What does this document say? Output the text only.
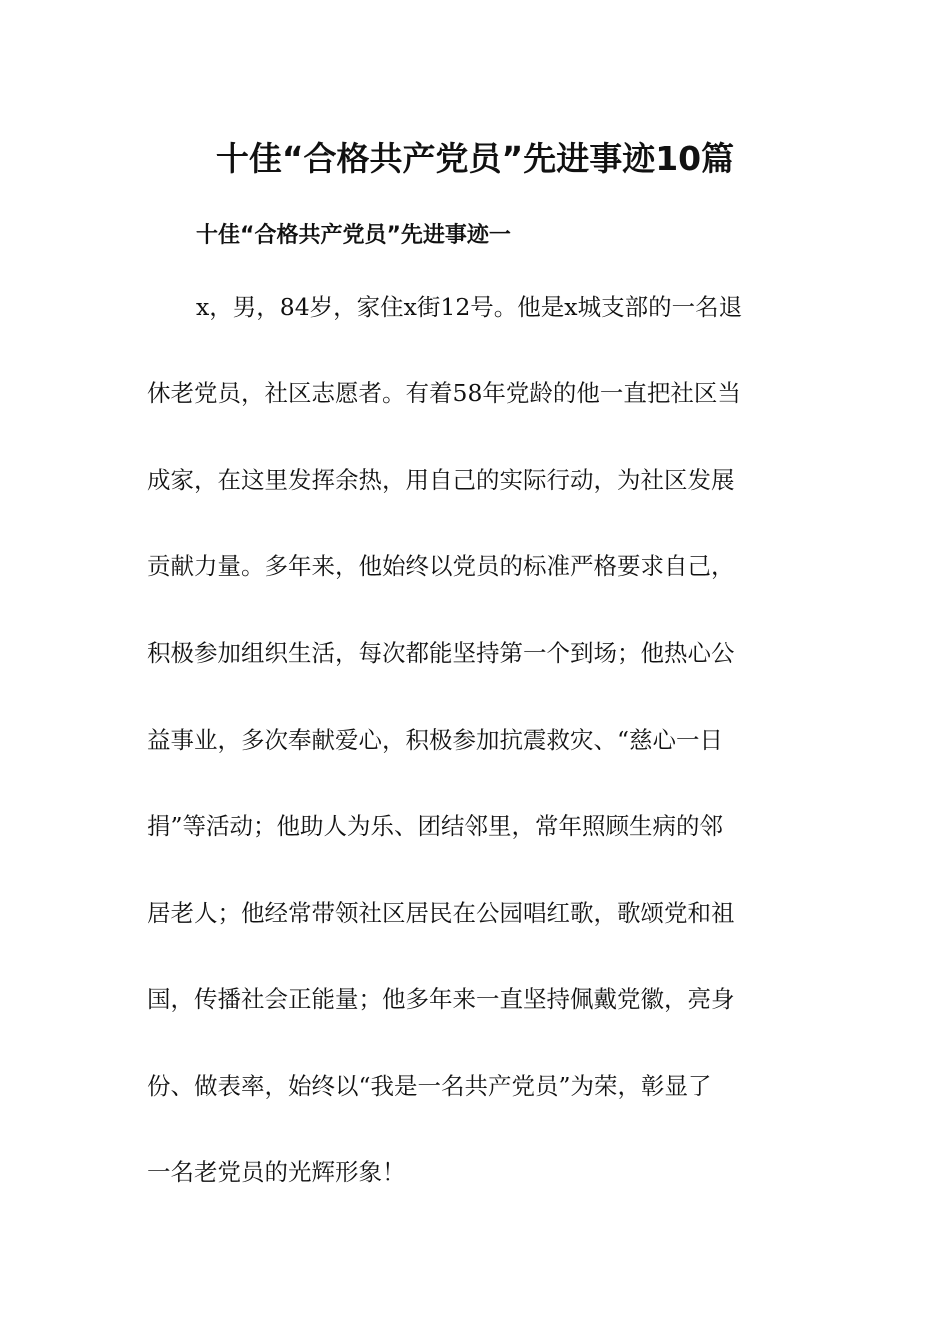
十佳“合格共产党员”先进事迹10篇
十佳“合格共产党员”先进事迹一

x，男，84岁，家住x街12号。他是x城支部的一名退

休老党员，社区志愿者。有着58年党龄的他一直把社区当

成家，在这里发挥余热，用自己的实际行动，为社区发展

贡献力量。多年来，他始终以党员的标准严格要求自己，

积极参加组织生活，每次都能坚持第一个到场；他热心公

益事业，多次奉献爱心，积极参加抗震救灾、“慈心一日

捐”等活动；他助人为乐、团结邻里，常年照顾生病的邻

居老人；他经常带领社区居民在公园唱红歌，歌颂党和祖

国，传播社会正能量；他多年来一直坚持佩戴党徽，亮身

份、做表率，始终以“我是一名共产党员”为荣，彰显了

一名老党员的光辉形象！
